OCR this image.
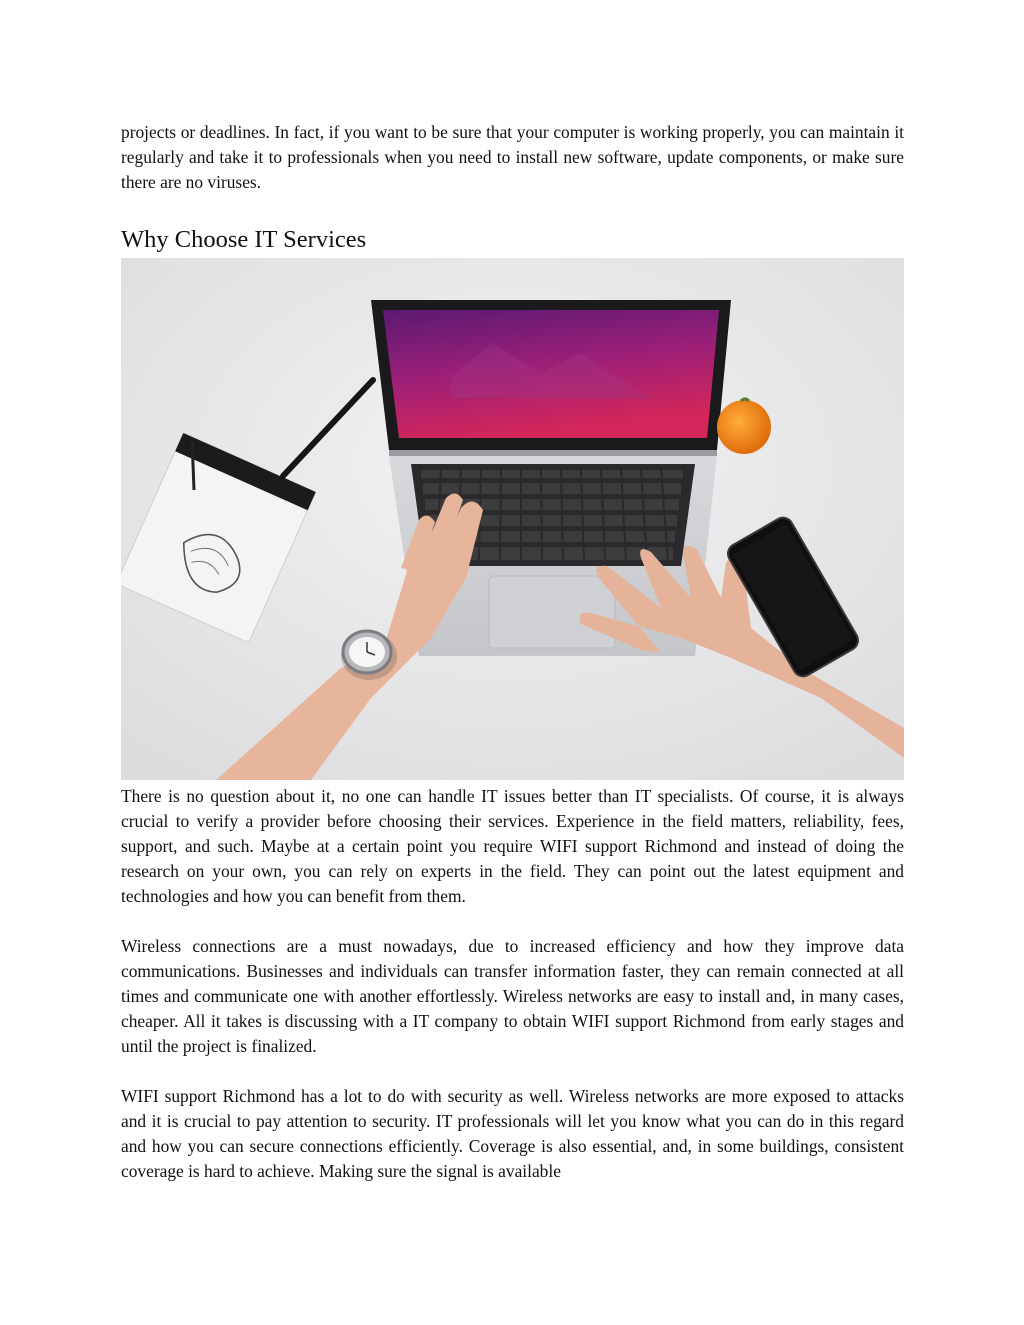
projects or deadlines. In fact, if you want to be sure that your computer is working properly, you can maintain it regularly and take it to professionals when you need to install new software, update components, or make sure there are no viruses.

Why Choose IT Services

There is no question about it, no one can handle IT issues better than IT specialists. Of course, it is always crucial to verify a provider before choosing their services. Experience in the field matters, reliability, fees, support, and such. Maybe at a certain point you require WIFI support Richmond and instead of doing the research on your own, you can rely on experts in the field. They can point out the latest equipment and technologies and how you can benefit from them.

Wireless connections are a must nowadays, due to increased efficiency and how they improve data communications. Businesses and individuals can transfer information faster, they can remain connected at all times and communicate one with another effortlessly. Wireless networks are easy to install and, in many cases, cheaper. All it takes is discussing with a IT company to obtain WIFI support Richmond from early stages and until the project is finalized.

WIFI support Richmond has a lot to do with security as well. Wireless networks are more exposed to attacks and it is crucial to pay attention to security. IT professionals will let you know what you can do in this regard and how you can secure connections efficiently. Coverage is also essential, and, in some buildings, consistent coverage is hard to achieve. Making sure the signal is available
